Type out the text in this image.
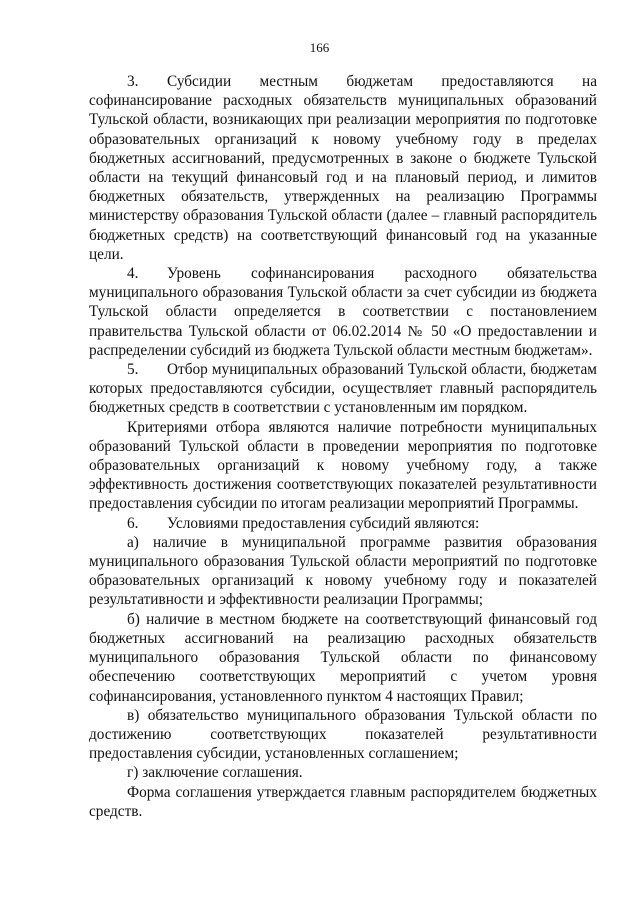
166

3. Субсидии местным бюджетам предоставляются на софинансирование расходных обязательств муниципальных образований Тульской области, возникающих при реализации мероприятия по подготовке образовательных организаций к новому учебному году в пределах бюджетных ассигнований, предусмотренных в законе о бюджете Тульской области на текущий финансовый год и на плановый период, и лимитов бюджетных обязательств, утвержденных на реализацию Программы министерству образования Тульской области (далее – главный распорядитель бюджетных средств) на соответствующий финансовый год на указанные цели.

4. Уровень софинансирования расходного обязательства муниципального образования Тульской области за счет субсидии из бюджета Тульской области определяется в соответствии с постановлением правительства Тульской области от 06.02.2014 № 50 «О предоставлении и распределении субсидий из бюджета Тульской области местным бюджетам».

5. Отбор муниципальных образований Тульской области, бюджетам которых предоставляются субсидии, осуществляет главный распорядитель бюджетных средств в соответствии с установленным им порядком.

Критериями отбора являются наличие потребности муниципальных образований Тульской области в проведении мероприятия по подготовке образовательных организаций к новому учебному году, а также эффективность достижения соответствующих показателей результативности предоставления субсидии по итогам реализации мероприятий Программы.

6. Условиями предоставления субсидий являются:

а) наличие в муниципальной программе развития образования муниципального образования Тульской области мероприятий по подготовке образовательных организаций к новому учебному году и показателей результативности и эффективности реализации Программы;

б) наличие в местном бюджете на соответствующий финансовый год бюджетных ассигнований на реализацию расходных обязательств муниципального образования Тульской области по финансовому обеспечению соответствующих мероприятий с учетом уровня софинансирования, установленного пунктом 4 настоящих Правил;

в) обязательство муниципального образования Тульской области по достижению соответствующих показателей результативности предоставления субсидии, установленных соглашением;

г) заключение соглашения.

Форма соглашения утверждается главным распорядителем бюджетных средств.
